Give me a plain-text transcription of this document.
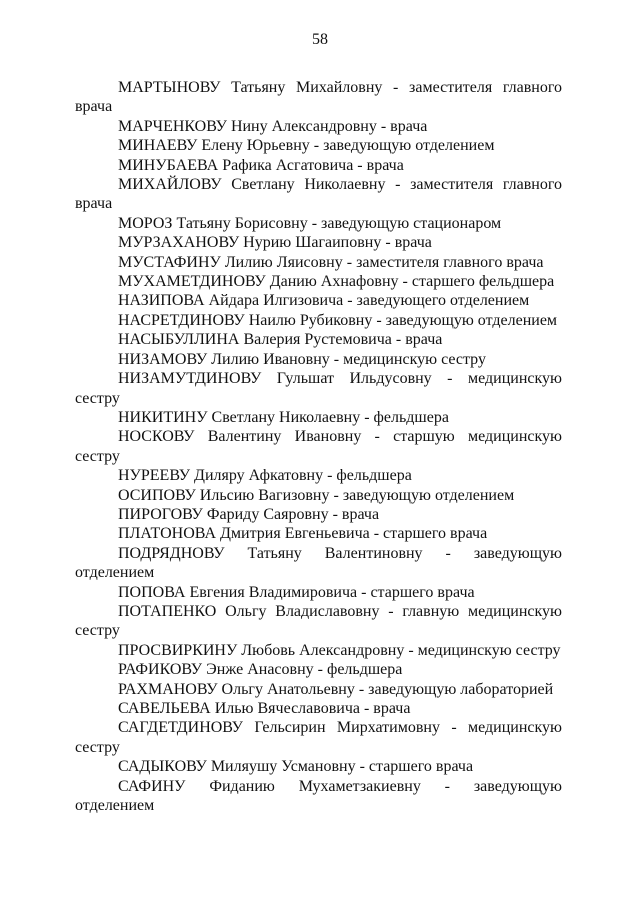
58

МАРТЫНОВУ Татьяну Михайловну - заместителя главного врача

МАРЧЕНКОВУ Нину Александровну - врача

МИНАЕВУ Елену Юрьевну - заведующую отделением

МИНУБАЕВА Рафика Асгатовича - врача

МИХАЙЛОВУ Светлану Николаевну - заместителя главного врача

МОРОЗ Татьяну Борисовну - заведующую стационаром

МУРЗАХАНОВУ Нурию Шагаиповну - врача

МУСТАФИНУ Лилию Ляисовну - заместителя главного врача

МУХАМЕТДИНОВУ Данию Ахнафовну - старшего фельдшера

НАЗИПОВА Айдара Илгизовича - заведующего отделением

НАСРЕТДИНОВУ Наилю Рубиковну - заведующую отделением

НАСЫБУЛЛИНА Валерия Рустемовича - врача

НИЗАМОВУ Лилию Ивановну - медицинскую сестру

НИЗАМУТДИНОВУ Гульшат Ильдусовну - медицинскую сестру

НИКИТИНУ Светлану Николаевну - фельдшера

НОСКОВУ Валентину Ивановну - старшую медицинскую сестру

НУРЕЕВУ Диляру Афкатовну - фельдшера

ОСИПОВУ Ильсию Вагизовну - заведующую отделением

ПИРОГОВУ Фариду Саяровну - врача

ПЛАТОНОВА Дмитрия Евгеньевича - старшего врача

ПОДРЯДНОВУ Татьяну Валентиновну - заведующую отделением

ПОПОВА Евгения Владимировича - старшего врача

ПОТАПЕНКО Ольгу Владиславовну - главную медицинскую сестру

ПРОСВИРКИНУ Любовь Александровну - медицинскую сестру

РАФИКОВУ Энже Анасовну - фельдшера

РАХМАНОВУ Ольгу Анатольевну - заведующую лабораторией

САВЕЛЬЕВА Илью Вячеславовича - врача

САГДЕТДИНОВУ Гельсирин Мирхатимовну - медицинскую сестру

САДЫКОВУ Миляушу Усмановну - старшего врача

САФИНУ Фиданию Мухаметзакиевну - заведующую отделением
